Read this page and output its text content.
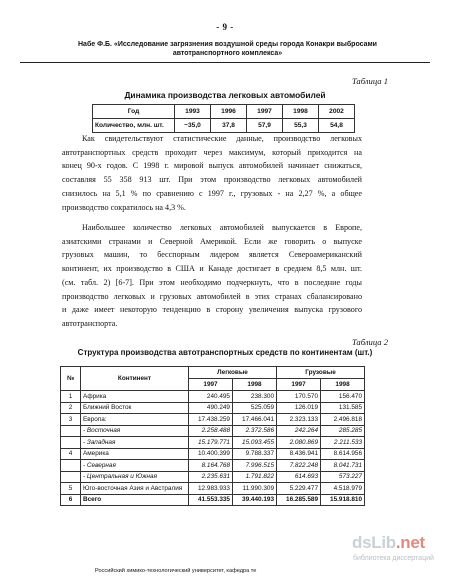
- 9 -
Набе Ф.Б. «Исследование загрязнения воздушной среды города Конакри выбросами
автотранспортного комплекса»
Таблица 1
Динамика производства легковых автомобилей
Год	1993	1996	1997	1998	2002
Количество, млн. шт.	~35,0	37,8	57,9	55,3	54,8
Как свидетельствуют статистические данные, производство легковых
автотранспортных средств проходит через максимум, который приходится на
конец 90-х годов. С 1998 г. мировой выпуск автомобилей начинает снижаться,
составляя 55 358 913 шт. При этом производство легковых автомобилей
снизилось на 5,1 % по сравнению с 1997 г., грузовых - на 2,27 %, а общее
производство сократилось на 4,3 %.
Наибольшее количество легковых автомобилей выпускается в Европе,
азиатскими странами и Северной Америкой. Если же говорить о выпуске
грузовых машин, то бесспорным лидером является Североамериканский
континент, их производство в США и Канаде достигает в среднем 8,5 млн. шт.
(см. табл. 2) [6-7]. При этом необходимо подчеркнуть, что в последние годы
производство легковых и грузовых автомобилей в этих странах сбалансировано
и даже имеет некоторую тенденцию в сторону увеличения выпуска грузового
автотранспорта.
Таблица 2
Структура производства автотранспортных средств по континентам (шт.)
№	Континент	Легковые		Грузовые	
		1997	1998	1997	1998
1	Африка	240.495	238.300	170.570	156.470
2	Ближний Восток	490.249	525.059	126.019	131.585
3	Европа:	17.438.259	17.466.041	2.323.133	2.496.818
	- Восточная	2.258.488	2.372.586	242.264	285.285
	- Западная	15.179.771	15.093.455	2.080.869	2.211.533
4	Америка	10.400.399	9.788.337	8.436.941	8.614.956
	- Северная	8.164.768	7.996.515	7.822.248	8.041.731
	- Центральная и Южная	2.235.631	1.791.822	614.693	573.227
5	Юго-восточная Азия и Австралия	12.983.933	11.990.309	5.229.477	4.518.979
6	Всего	41.553.335	39.440.193	16.285.589	15.918.810
Российский химико-технологический университет, кафедра те
dsLib.net
библиотека диссертаций
